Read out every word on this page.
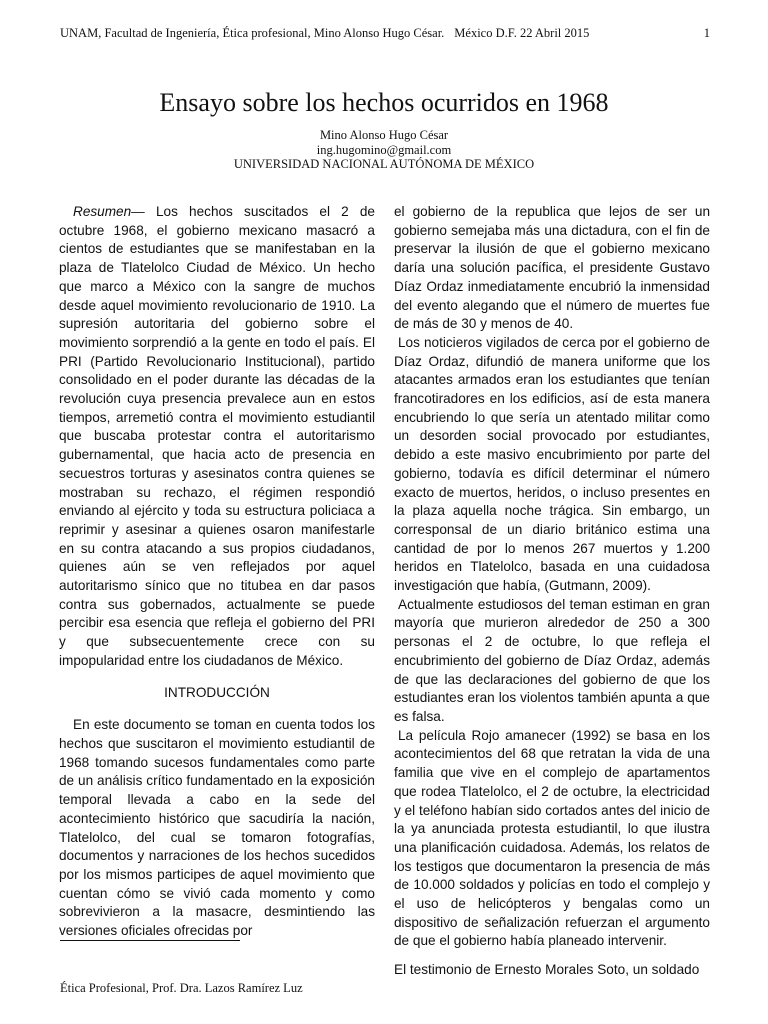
UNAM, Facultad de Ingeniería, Ética profesional, Mino Alonso Hugo César. México D.F. 22 Abril 2015	1
Ensayo sobre los hechos ocurridos en 1968
Mino Alonso Hugo César
ing.hugomino@gmail.com
UNIVERSIDAD NACIONAL AUTÓNOMA DE MÉXICO

Resumen— Los hechos suscitados el 2 de octubre 1968, el gobierno mexicano masacró a cientos de estudiantes que se manifestaban en la plaza de Tlatelolco Ciudad de México. Un hecho que marco a México con la sangre de muchos desde aquel movimiento revolucionario de 1910. La supresión autoritaria del gobierno sobre el movimiento sorprendió a la gente en todo el país. El PRI (Partido Revolucionario Institucional), partido consolidado en el poder durante las décadas de la revolución cuya presencia prevalece aun en estos tiempos, arremetió contra el movimiento estudiantil que buscaba protestar contra el autoritarismo gubernamental, que hacia acto de presencia en secuestros torturas y asesinatos contra quienes se mostraban su rechazo, el régimen respondió enviando al ejército y toda su estructura policiaca a reprimir y asesinar a quienes osaron manifestarle en su contra atacando a sus propios ciudadanos, quienes aún se ven reflejados por aquel autoritarismo sínico que no titubea en dar pasos contra sus gobernados, actualmente se puede percibir esa esencia que refleja el gobierno del PRI y que subsecuentemente crece con su impopularidad entre los ciudadanos de México.

INTRODUCCIÓN

En este documento se toman en cuenta todos los hechos que suscitaron el movimiento estudiantil de 1968 tomando sucesos fundamentales como parte de un análisis crítico fundamentado en la exposición temporal llevada a cabo en la sede del acontecimiento histórico que sacudiría la nación, Tlatelolco, del cual se tomaron fotografías, documentos y narraciones de los hechos sucedidos por los mismos participes de aquel movimiento que cuentan cómo se vivió cada momento y como sobrevivieron a la masacre, desmintiendo las versiones oficiales ofrecidas por

el gobierno de la republica que lejos de ser un gobierno semejaba más una dictadura, con el fin de preservar la ilusión de que el gobierno mexicano daría una solución pacífica, el presidente Gustavo Díaz Ordaz inmediatamente encubrió la inmensidad del evento alegando que el número de muertes fue de más de 30 y menos de 40.

Los noticieros vigilados de cerca por el gobierno de Díaz Ordaz, difundió de manera uniforme que los atacantes armados eran los estudiantes que tenían francotiradores en los edificios, así de esta manera encubriendo lo que sería un atentado militar como un desorden social provocado por estudiantes, debido a este masivo encubrimiento por parte del gobierno, todavía es difícil determinar el número exacto de muertos, heridos, o incluso presentes en la plaza aquella noche trágica. Sin embargo, un corresponsal de un diario británico estima una cantidad de por lo menos 267 muertos y 1.200 heridos en Tlatelolco, basada en una cuidadosa investigación que había, (Gutmann, 2009).

Actualmente estudiosos del teman estiman en gran mayoría que murieron alrededor de 250 a 300 personas el 2 de octubre, lo que refleja el encubrimiento del gobierno de Díaz Ordaz, además de que las declaraciones del gobierno de que los estudiantes eran los violentos también apunta a que es falsa.

La película Rojo amanecer (1992) se basa en los acontecimientos del 68 que retratan la vida de una familia que vive en el complejo de apartamentos que rodea Tlatelolco, el 2 de octubre, la electricidad y el teléfono habían sido cortados antes del inicio de la ya anunciada protesta estudiantil, lo que ilustra una planificación cuidadosa. Además, los relatos de los testigos que documentaron la presencia de más de 10.000 soldados y policías en todo el complejo y el uso de helicópteros y bengalas como un dispositivo de señalización refuerzan el argumento de que el gobierno había planeado intervenir.

El testimonio de Ernesto Morales Soto, un soldado

Ética Profesional, Prof. Dra. Lazos Ramírez Luz
